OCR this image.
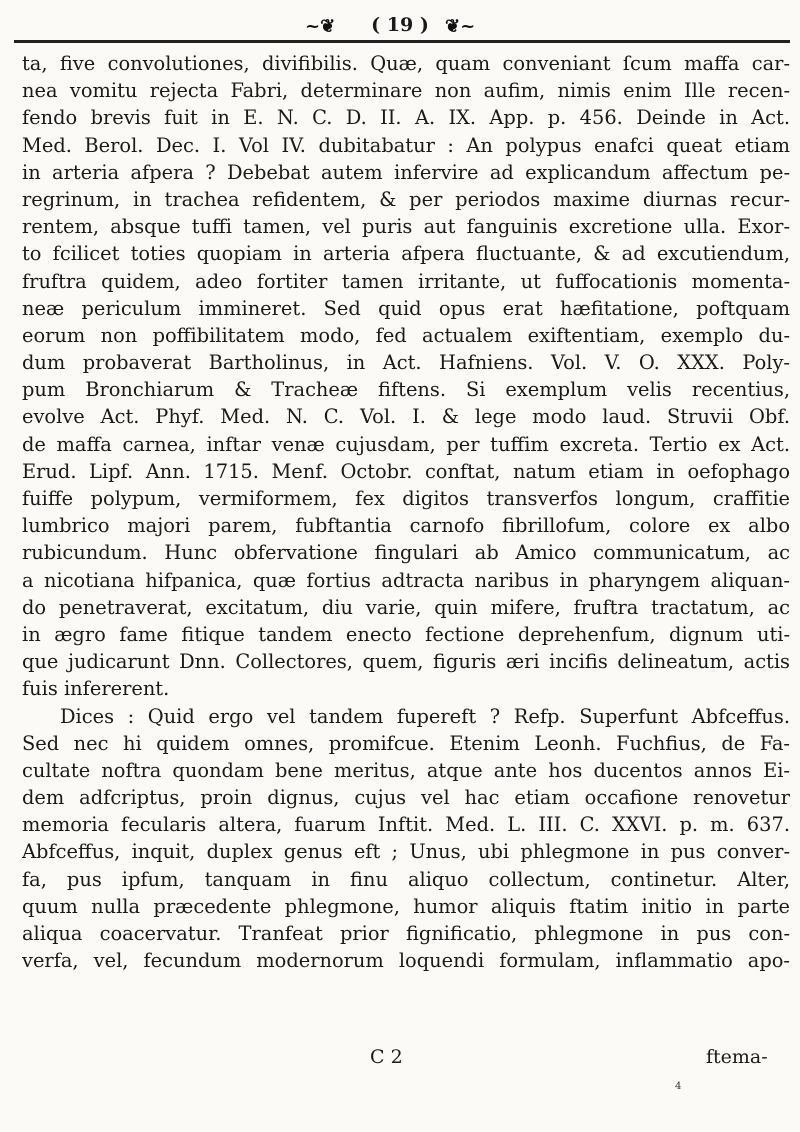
~❦	( 19 ) ❦~
ta, five convolutiones, divifibilis. Quæ, quam conveniant ſcum maffa car-
nea vomitu rejecta Fabri, determinare non aufim, nimis enim Ille recen-
fendo brevis fuit in E. N. C. D. II. A. IX. App. p. 456. Deinde in Act.
Med. Berol. Dec. I. Vol IV. dubitabatur : An polypus enafci queat etiam
in arteria afpera ? Debebat autem infervire ad explicandum affectum pe-
regrinum, in trachea refidentem, & per periodos maxime diurnas recur-
rentem, absque tuffi tamen, vel puris aut fanguinis excretione ulla. Exor-
to fcilicet toties quopiam in arteria afpera fluctuante, & ad excutiendum,
fruftra quidem, adeo fortiter tamen irritante, ut fuffocationis momenta-
neæ periculum immineret. Sed quid opus erat hæfitatione, poftquam
eorum non poffibilitatem modo, fed actualem exiftentiam, exemplo du-
dum probaverat Bartholinus, in Act. Hafniens. Vol. V. O. XXX. Poly-
pum Bronchiarum & Tracheæ fiftens. Si exemplum velis recentius,
evolve Act. Phyf. Med. N. C. Vol. I. & lege modo laud. Struvii Obf.
de maffa carnea, inftar venæ cujusdam, per tuffim excreta. Tertio ex Act.
Erud. Lipf. Ann. 1715. Menf. Octobr. conftat, natum etiam in oefophago
fuiffe polypum, vermiformem, fex digitos transverfos longum, craffitie
lumbrico majori parem, fubftantia carnofo fibrillofum, colore ex albo
rubicundum. Hunc obfervatione fingulari ab Amico communicatum, ac
a nicotiana hifpanica, quæ fortius adtracta naribus in pharyngem aliquan-
do penetraverat, excitatum, diu varie, quin mifere, fruftra tractatum, ac
in ægro fame fitique tandem enecto fectione deprehenfum, dignum uti-
que judicarunt Dnn. Collectores, quem, figuris æri incifis delineatum, actis
fuis infererent.
Dices : Quid ergo vel tandem fupereft ? Refp. Superfunt Abfceffus.
Sed nec hi quidem omnes, promifcue. Etenim Leonh. Fuchfius, de Fa-
cultate noftra quondam bene meritus, atque ante hos ducentos annos Ei-
dem adfcriptus, proin dignus, cujus vel hac etiam occafione renovetur
memoria fecularis altera, fuarum Inftit. Med. L. III. C. XXVI. p. m. 637.
Abfceffus, inquit, duplex genus eft ; Unus, ubi phlegmone in pus conver-
fa, pus ipfum, tanquam in finu aliquo collectum, continetur. Alter,
quum nulla præcedente phlegmone, humor aliquis ftatim initio in parte
aliqua coacervatur. Tranfeat prior fignificatio, phlegmone in pus con-
verfa, vel, fecundum modernorum loquendi formulam, inflammatio apo-
C 2	ftema-
4
